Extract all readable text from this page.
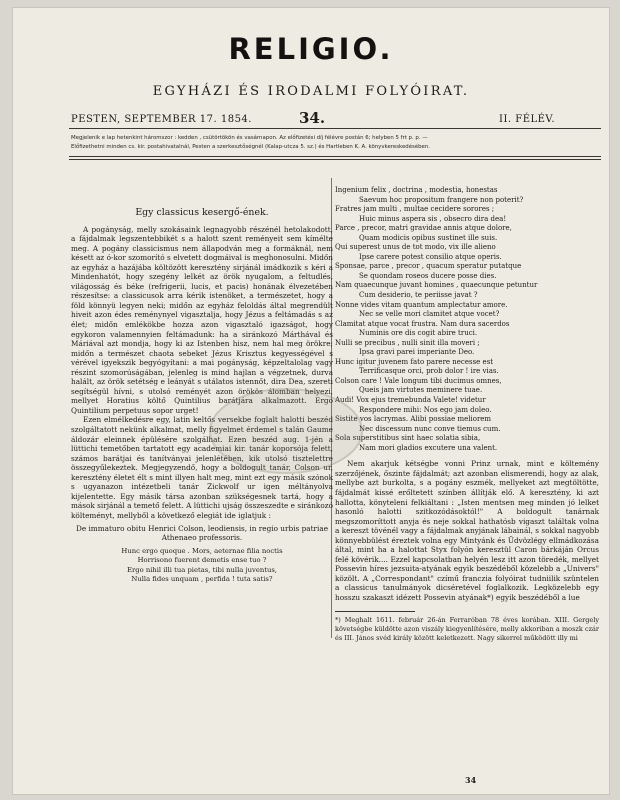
RELIGIO.
EGYHÁZI ÉS IRODALMI FOLYÓIRAT.
PESTEN, SEPTEMBER 17. 1854.	34.	II. FÉLÉV.
Megjelenik e lap hetenkint háromszor : kedden , csütörtökön és vasárnapon. Az előfizetési díj félévre postán 6; helyben 5 frt p. p. —
Előfizethetni minden cs. kir. postahivatalnál, Pesten a szerkesztőségnél (Kalap-utcza 5. sz.) és Hartleben K. A. könyvkereskedésében.
Egy classicus kesergő-ének.

A pogányság, melly szokásaink legnagyobb részénél hetolakodott, a fájdalmak legszentebbikét s a halott szent reményeit sem kímélte meg. A pogány classicismus nem állapodván meg a formáknál, nem késett az ó-kor szomorító s elvetett dogmáival is meghonosulni. Midőn az egyház a hazájába költözött keresztény sirjánál imádkozik s kéri a Mindenhatót, hogy szegény lelkét az örök nyugalom, a feltudlés, világosság és béke (refrigerii, lucis, et pacis) honának élvezetében részesítse: a classicusok arra kérik istenöket, a természetet, hogy a föld könnyü legyen neki; midőn az egyház feloldás által megrendült hiveit azon édes reménynyel vigasztalja, hogy Jézus a feltámadás s az élet; midőn emlékökbe hozza azon vigasztaló igazságot, hogy egykoron valamennyien feltámadunk: ha a siránkozó Márthával és Máriával azt mondja, hogy ki az Istenben hisz, nem hal meg örökre; midőn a természet chaota sebeket Jézus Krisztus kegyességével s vérével igyekszik begyógyítani: a mai pogányság, képzeltalolag vagy részint szomorúságában, jelenleg is mind hajlan a végzetnek, durva halált, az örök setétség e leányát s utálatos istennőt, dira Dea, szereti segítségül hívni, s utolsó reményét azon örökös álomban helyezi, mellyet Horatius költő Quintilius barátjára alkalmazott. Ergo Quintilium perpetuus sopor urget!

Ezen elmélkedésre egy, latin keltős versekbe foglalt halotti beszéd szolgáltatott nekünk alkalmat, melly figyelmet érdemel s talán Gaume áldozár eleinnek épülésére szolgálhat. Ezen beszéd aug. 1-jén a lüttichi temetőben tartatott egy academiai kir. tanár koporsója felett, számos barátjai és tanítványai jelenlétében, kik utolsó tisztelettre összegyűlekeztek. Megjegyzendő, hogy a boldogult tanár, Colson ur, keresztény életet élt s mint illyen halt meg, mint ezt egy másik szónok s ugyanazon intézetbeli tanár Zickwolf ur igen méltányolva kijelentette. Egy másik társa azonban szükségesnek tartá, hogy a mások sirjánál a temető felett. A lüttichi ujság összeszedte e siránkozó költeményt, mellyből a következő elegiát ide iglatjuk :

De immaturo obitu Henrici Colson, leodiensis, in regio urbis patriae Athenaeo professoris.

Hunc ergo quoque . Mors, aeternae filia noctis
Horrisono fuerent demetis ense tuo ?
Ergo nihil illi tua pietas, tibi nulla juventus,
Nulla fides unquam , perfida ! tuta satis?
Ingenium felix , doctrina , modestia, honestas
Saevum hoc propositum frangere non poterit?
Fratres jam multi , multae cecidere sorores ;
Huic minus aspera sis , obsecro dira dea!
Parce , precor, matri gravidae annis atque dolore,
Quam modicis opibus sustinet ille suis.
Qui superest unus de tot modo, vix ille alieno
Ipse carere potest consilio atque operis.
Sponsae, parce , precor , quacum speratur putatque
Se quondam roseos ducere posse dies.
Nam quaecunque juvant homines , quaecunque petuntur
Cum desiderio, te periisse javat ?
Nonne vides vitam quantum amplectatur amore.
Nec se velle mori clamitet atque vocet?
Clamitat atque vocat frustra. Nam dura sacerdos
Numinis ore dis cogit abire truci.
Nulli se precibus , nulli sinit illa moveri ;
Ipsa gravi parei imperiante Deo.
Hunc igitur juvenem fato parere necesse est
Terrificasque orci, prob dolor ! ire vias.
Colson care ! Vale longum tibi ducimus omnes,
Queis jam virtutes meminere tuae.
Audi! Vox ejus tremebunda Valete! videtur
Respondere mihi: Nos ego jam doleo.
Sistite vos lacrymas. Alibi possiae meliorem
Nec discessum nunc conve tiemus cum.
Sola superstitibus sint haec solatia sibia,
Nam mori gladios excutere una valent.

Nem akarjuk kétségbe vonni Prinz urnak, mint e költemény szerzőjének, őszinte fájdalmát; azt azonban elismerendi, hogy az alak, mellybe azt burkolta, s a pogány eszmék, mellyeket azt megtöltötte, fájdalmát kissé erőltetett színben állítják elő. A keresztény, ki azt hallotta, könyteleni felkiáltani : „Isten mentsen meg minden jó lelket hasonló halotti szitkozódásoktól!" A boldogult tanárnak megszomoríttott anyja és neje sokkal hathatósb vigaszt találtak volna a kereszt tövénél vagy a fájdalmak anyjának lábainál, s sokkal nagyobb könnyebbülést éreztek volna egy Mintyánk és Üdvözlégy ellmádkozása által, mint ha a halottat Styx folyón keresztül Caron bárkáján Orcus felé kövérik.... Ezzel kapcsolatban helyén lesz itt azon töredék, mellyet Possevin híres jezsuita-atyának egyik beszédéből közelebb a „Univers" közölt. A „Correspondant" czímű franczia folyóirat tudniilik szüntelen a classicus tanulmányok dicséretével foglalkozik. Legközelebb egy hosszu szakaszt idézett Possevin atyának*) egyik beszédéből a lue

*) Meghalt 1611. február 26-án Ferraróban 78 éves korában. XIII. Gergely követségbe küldötte azon viszály kiegyenlítésére, melly akkoriban a moszk czár és III. János svéd király között keletkezett. Nagy sikerrel működött illy mi
34
